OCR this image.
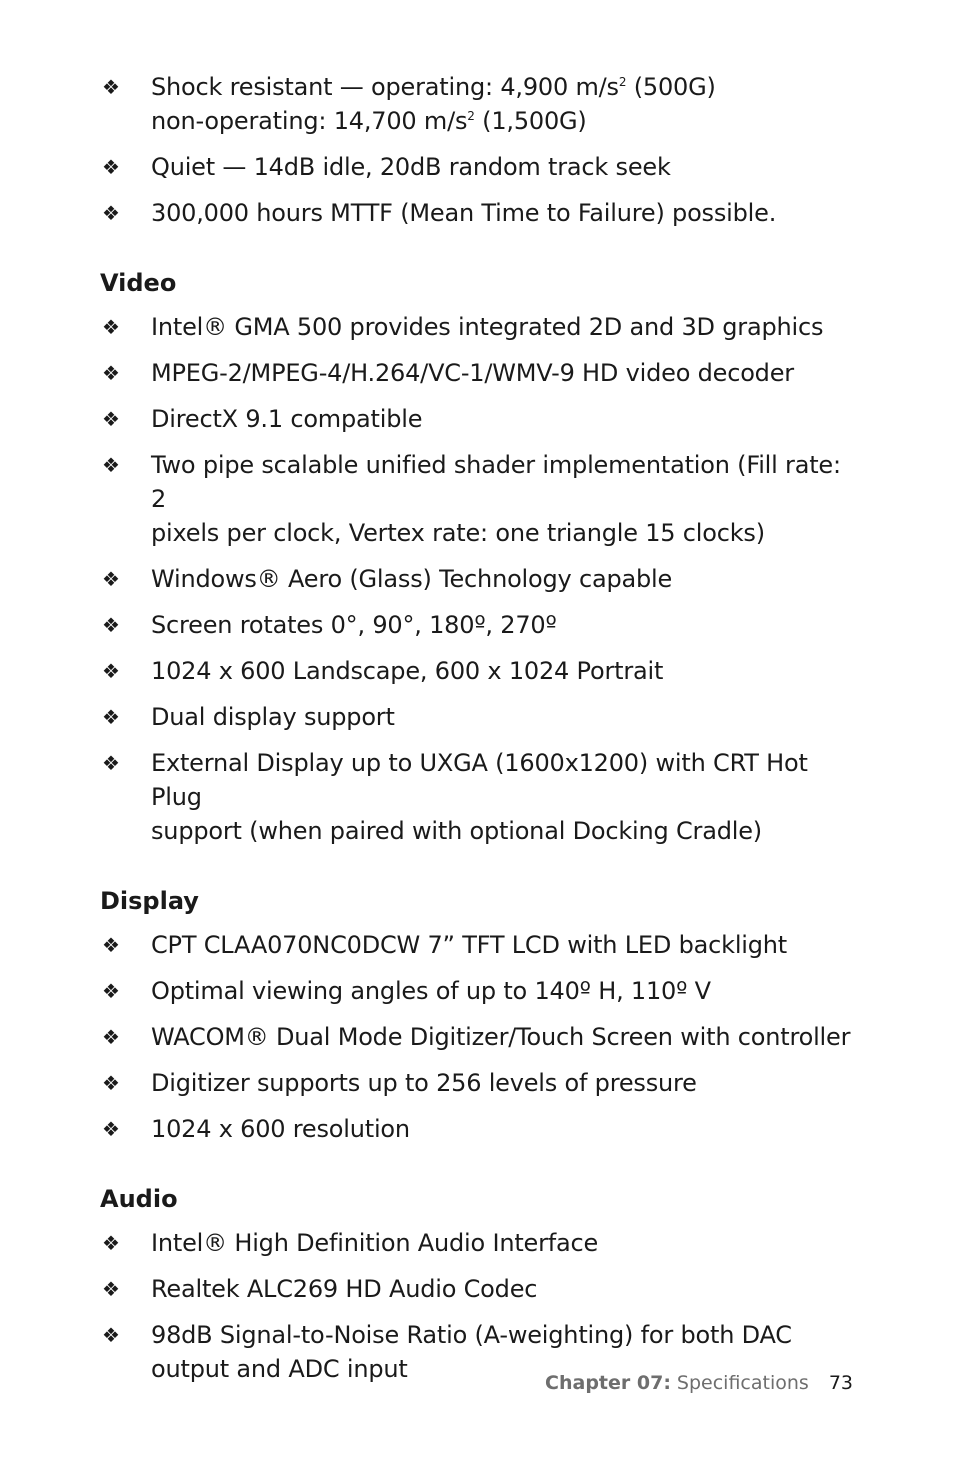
❖ Shock resistant — operating: 4,900 $m/s^2$ (500G)
non-operating: 14,700 $m/s^2$ (1,500G)
❖ Quiet — 14dB idle, 20dB random track seek
❖ 300,000 hours MTTF (Mean Time to Failure) possible.
Video
❖ Intel® GMA 500 provides integrated 2D and 3D graphics
❖ MPEG-2/MPEG-4/H.264/VC-1/WMV-9 HD video decoder
❖ DirectX 9.1 compatible
❖ Two pipe scalable unified shader implementation (Fill rate: 2
pixels per clock, Vertex rate: one triangle 15 clocks)
❖ Windows® Aero (Glass) Technology capable
❖ Screen rotates 0°, 90°, 180º, 270º
❖ 1024 x 600 Landscape, 600 x 1024 Portrait
❖ Dual display support
❖ External Display up to UXGA (1600x1200) with CRT Hot Plug
support (when paired with optional Docking Cradle)
Display
❖ CPT CLAA070NC0DCW 7” TFT LCD with LED backlight
❖ Optimal viewing angles of up to 140º H, 110º V
❖ WACOM® Dual Mode Digitizer/Touch Screen with controller
❖ Digitizer supports up to 256 levels of pressure
❖ 1024 x 600 resolution
Audio
❖ Intel® High Definition Audio Interface
❖ Realtek ALC269 HD Audio Codec
❖ 98dB Signal-to-Noise Ratio (A-weighting) for both DAC
output and ADC input	Chapter 07: Specifications 73
